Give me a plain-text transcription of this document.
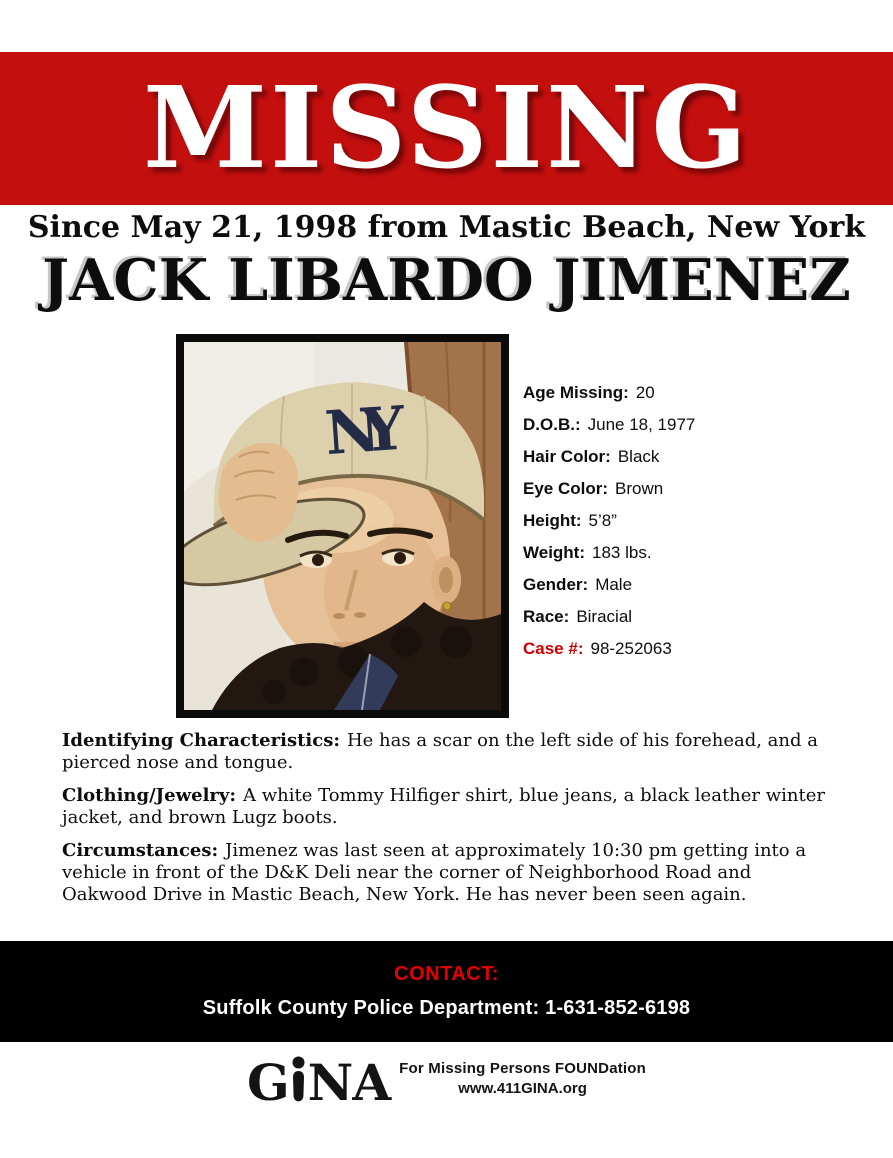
MISSING
Since May 21, 1998 from Mastic Beach, New York
JACK LIBARDO JIMENEZ
NY
Age Missing: 20
D.O.B.: June 18, 1977
Hair Color: Black
Eye Color: Brown
Height: 5’8”
Weight: 183 lbs.
Gender: Male
Race: Biracial
Case #: 98-252063

Identifying Characteristics: He has a scar on the left side of his forehead, and a pierced nose and tongue.

Clothing/Jewelry: A white Tommy Hilfiger shirt, blue jeans, a black leather winter jacket, and brown Lugz boots.

Circumstances: Jimenez was last seen at approximately 10:30 pm getting into a vehicle in front of the D&K Deli near the corner of Neighborhood Road and Oakwood Drive in Mastic Beach, New York. He has never been seen again.

CONTACT:
Suffolk County Police Department: 1-631-852-6198
G NA For Missing Persons FOUNDation
www.411GINA.org
